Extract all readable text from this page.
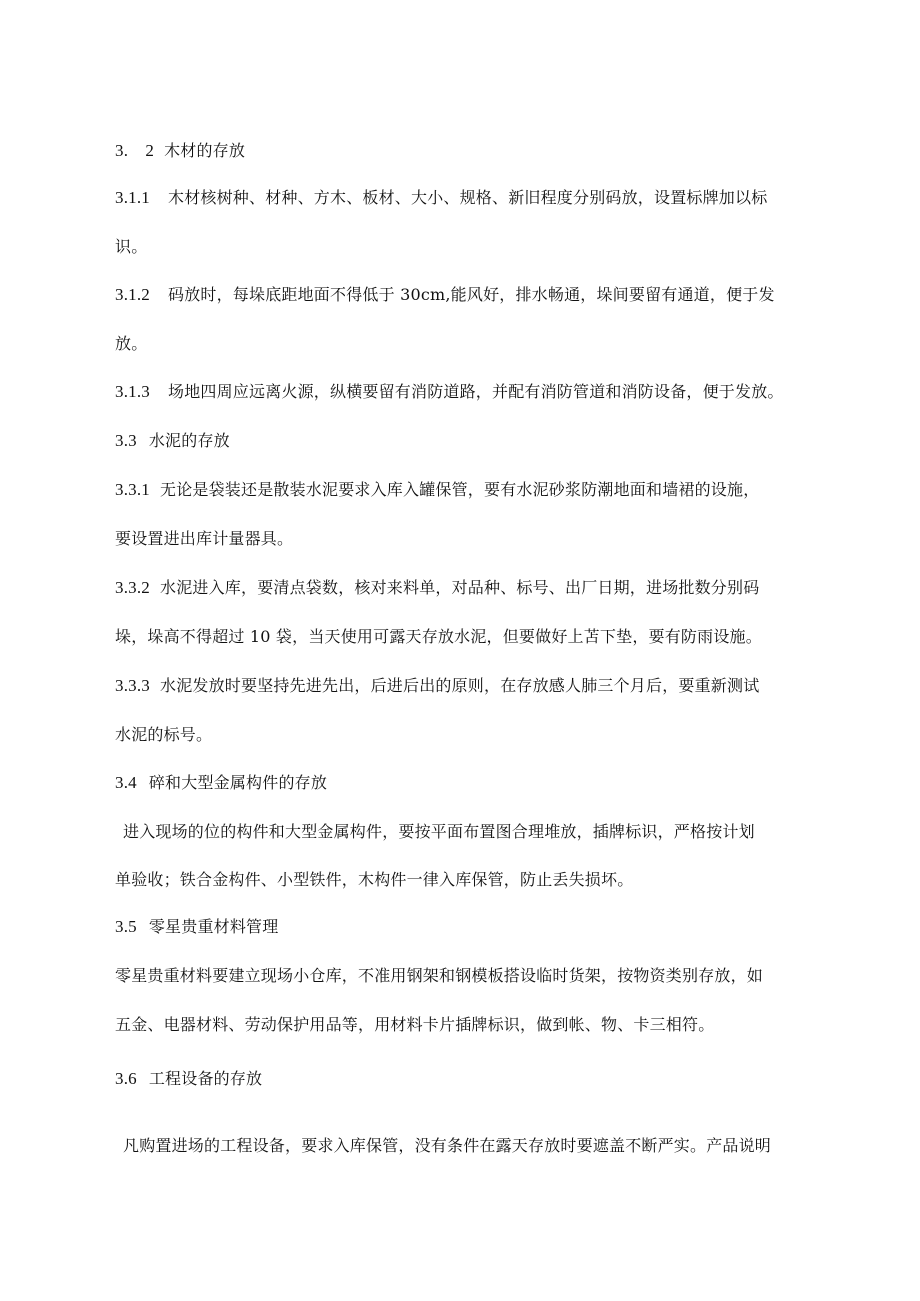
3.　2 木材的存放
3.1.1 木材核树种、材种、方木、板材、大小、规格、新旧程度分别码放，设置标牌加以标
识。
3.1.2 码放时，每垛底距地面不得低于 30cm,能风好，排水畅通，垛间要留有通道，便于发
放。
3.1.3 场地四周应远离火源，纵横要留有消防道路，并配有消防管道和消防设备，便于发放。
3.3 水泥的存放
3.3.1 无论是袋装还是散装水泥要求入库入罐保管，要有水泥砂浆防潮地面和墙裙的设施，
要设置进出库计量器具。
3.3.2 水泥进入库，要清点袋数，核对来料单，对品种、标号、出厂日期，进场批数分别码
垛，垛高不得超过 10 袋，当天使用可露天存放水泥，但要做好上苫下垫，要有防雨设施。
3.3.3 水泥发放时要坚持先进先出，后进后出的原则，在存放感人肺三个月后，要重新测试
水泥的标号。
3.4 碎和大型金属构件的存放
进入现场的位的构件和大型金属构件，要按平面布置图合理堆放，插牌标识，严格按计划
单验收；铁合金构件、小型铁件，木构件一律入库保管，防止丢失损坏。
3.5 零星贵重材料管理
零星贵重材料要建立现场小仓库，不准用钢架和钢模板搭设临时货架，按物资类别存放，如
五金、电器材料、劳动保护用品等，用材料卡片插牌标识，做到帐、物、卡三相符。
3.6 工程设备的存放
凡购置进场的工程设备，要求入库保管，没有条件在露天存放时要遮盖不断严实。产品说明
